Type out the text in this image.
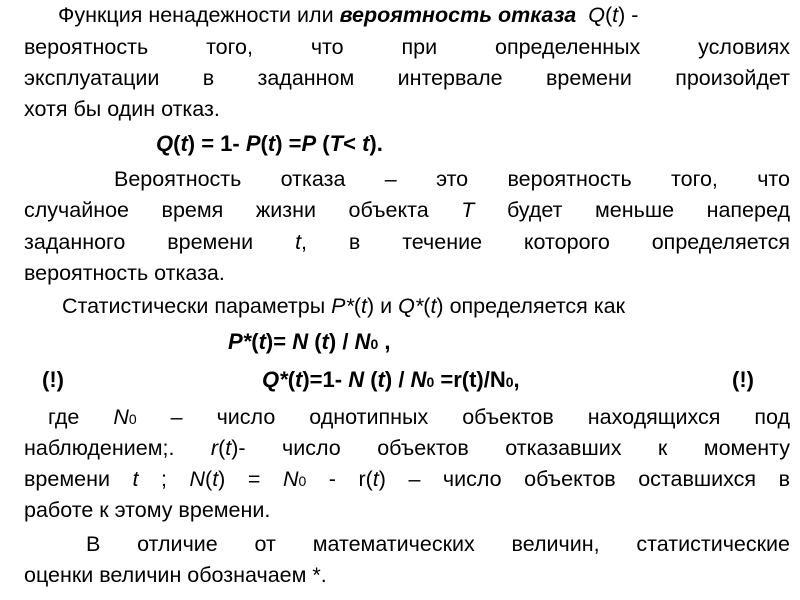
Функция ненадежности или вероятность отказа Q(t) -
вероятность того, что при определенных условиях
эксплуатации в заданном интервале времени произойдет
хотя бы один отказ.
Q(t) = 1- P(t) =P (T< t).
Вероятность отказа – это вероятность того, что
случайное время жизни объекта T будет меньше наперед
заданного времени t, в течение которого определяется
вероятность отказа.
Статистически параметры P*(t) и Q*(t) определяется как
P*(t)= N (t) / N0 ,
(!)	Q*(t)=1- N (t) / N0 =r(t)/N0,	(!)
где N0 – число однотипных объектов находящихся под
наблюдением;. r(t)- число объектов отказавших к моменту
времени t ; N(t) = N0 - r(t) – число объектов оставшихся в
работе к этому времени.
В отличие от математических величин, статистические
оценки величин обозначаем *.
